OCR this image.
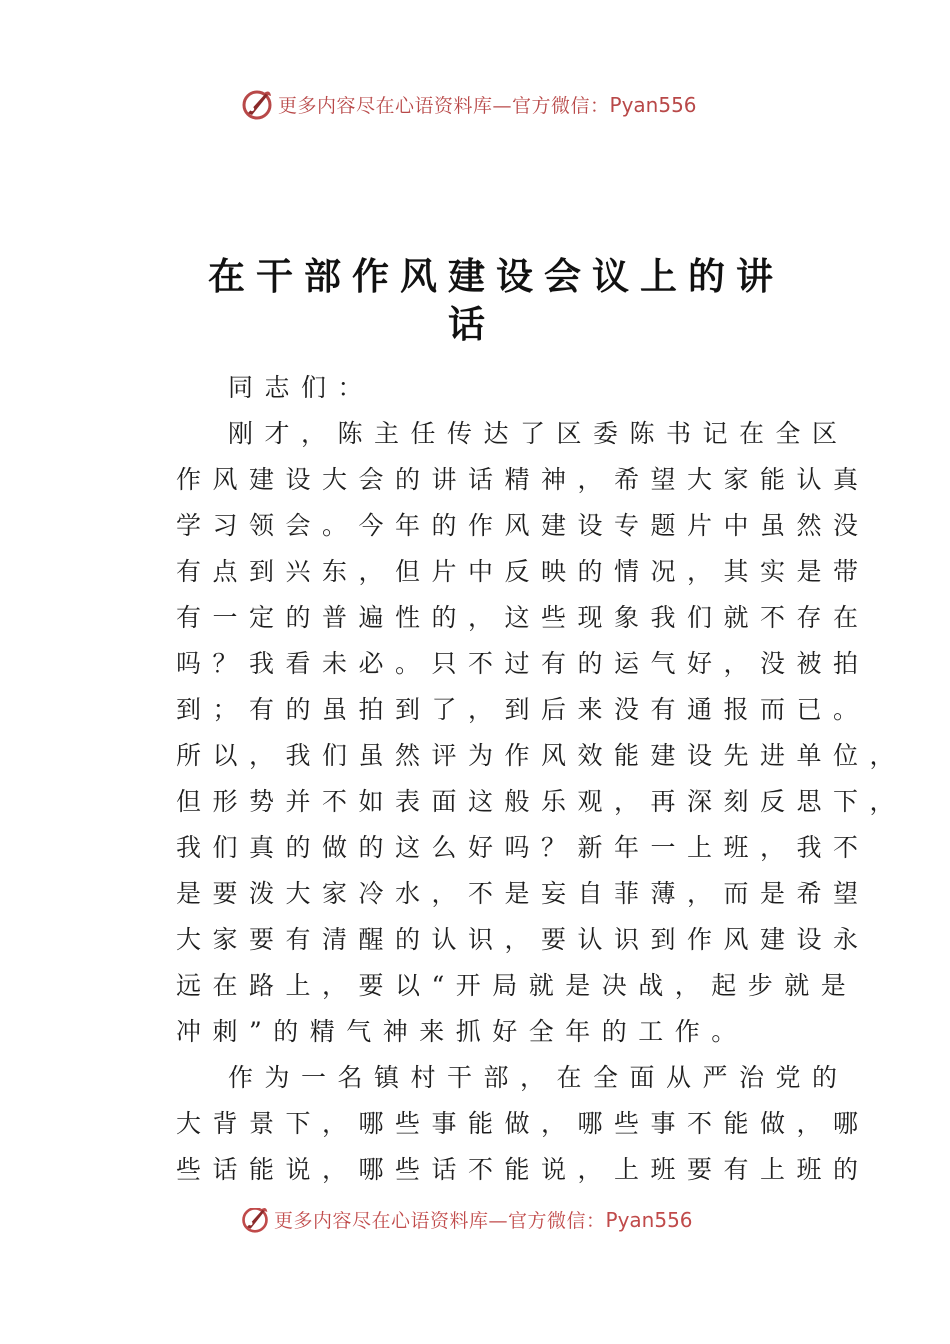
更多内容尽在心语资料库—官方微信：Pyan556
在干部作风建设会议上的讲
话
同志们：
刚才，陈主任传达了区委陈书记在全区
作风建设大会的讲话精神，希望大家能认真
学习领会。今年的作风建设专题片中虽然没
有点到兴东，但片中反映的情况，其实是带
有一定的普遍性的，这些现象我们就不存在
吗？我看未必。只不过有的运气好，没被拍
到；有的虽拍到了，到后来没有通报而已。
所以，我们虽然评为作风效能建设先进单位，
但形势并不如表面这般乐观，再深刻反思下，
我们真的做的这么好吗？新年一上班，我不
是要泼大家冷水，不是妄自菲薄，而是希望
大家要有清醒的认识，要认识到作风建设永
远在路上，要以“开局就是决战，起步就是
冲刺”的精气神来抓好全年的工作。
作为一名镇村干部，在全面从严治党的
大背景下，哪些事能做，哪些事不能做，哪
些话能说，哪些话不能说，上班要有上班的
更多内容尽在心语资料库—官方微信：Pyan556
